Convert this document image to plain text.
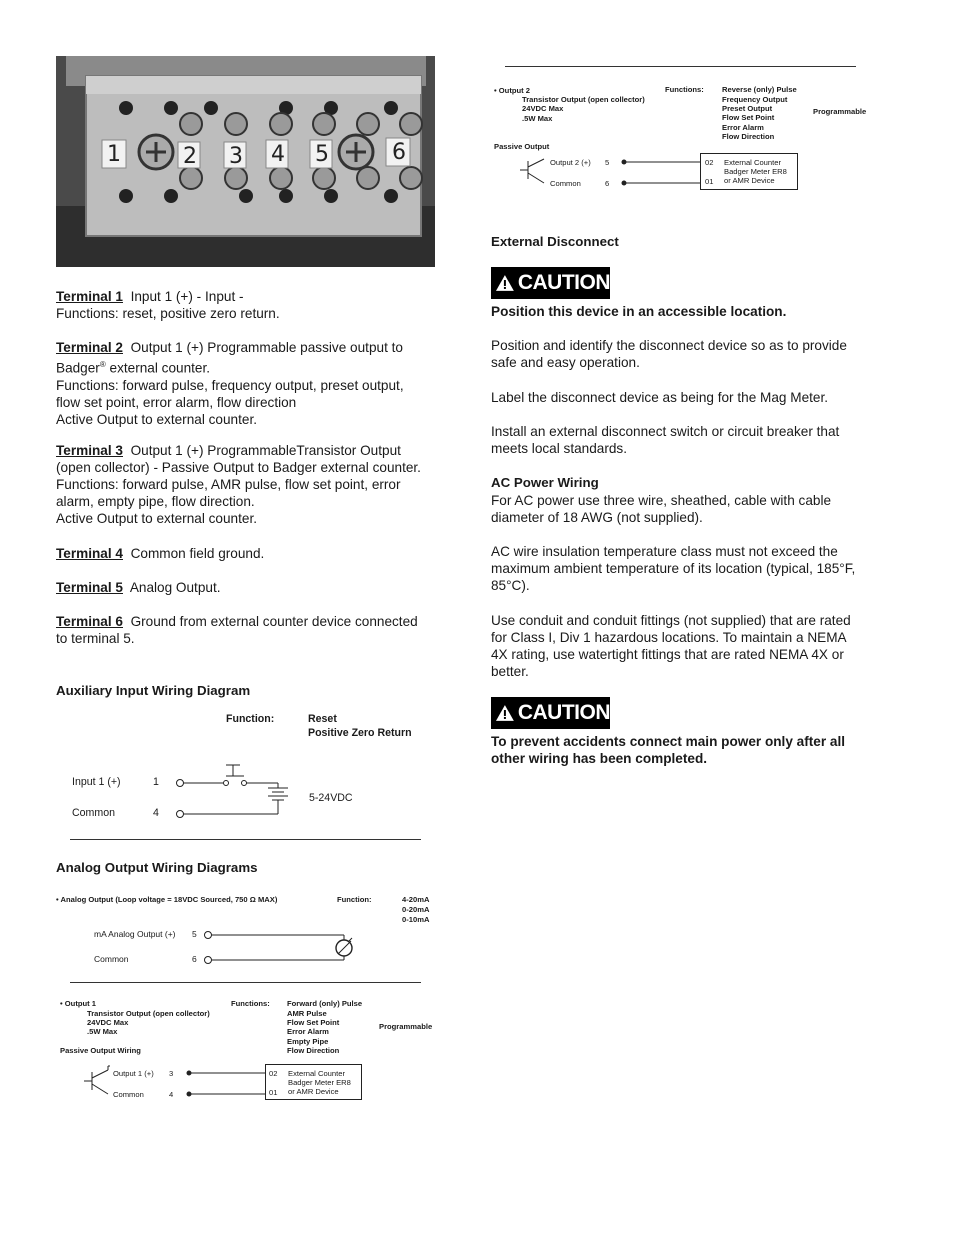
1	2 3 4 5	6
Terminal 1 Input 1 (+) - Input -
Functions: reset, positive zero return.
Terminal 2 Output 1 (+) Programmable passive output to
Badger® external counter.
Functions: forward pulse, frequency output, preset output,
flow set point, error alarm, flow direction
Active Output to external counter.
Terminal 3 Output 1 (+) ProgrammableTransistor Output
(open collector) - Passive Output to Badger external counter.
Functions: forward pulse, AMR pulse, flow set point, error
alarm, empty pipe, flow direction.
Active Output to external counter.
Terminal 4 Common field ground.
Terminal 5 Analog Output.
Terminal 6 Ground from external counter device connected
to terminal 5.
Auxiliary Input Wiring Diagram
Function:	Reset
Positive Zero Return
Input 1 (+)	1
Common	4
5-24VDC
Analog Output Wiring Diagrams
• Analog Output (Loop voltage = 18VDC Sourced, 750 Ω MAX)	Function:	4-20mA
0-20mA
0-10mA
mA Analog Output (+) 5
Common	6
• Output 1
Transistor Output (open collector)
24VDC Max
.5W Max
Passive Output Wiring
Functions: Forward (only) Pulse
AMR Pulse
Flow Set Point
Error Alarm
Empty Pipe
Flow Direction
Programmable
Output 1 (+) 3
Common	4
02
01
External Counter
Badger Meter ER8
or AMR Device
• Output 2
Transistor Output (open collector)
24VDC Max
.5W Max
Passive Output
Functions: Reverse (only) Pulse
Frequency Output
Preset Output
Flow Set Point
Error Alarm
Flow Direction
Programmable
Output 2 (+) 5
Common	6
02
01
External Counter
Badger Meter ER8
or AMR Device
External Disconnect
CAUTION
Position this device in an accessible location.
Position and identify the disconnect device so as to provide
safe and easy operation.
Label the disconnect device as being for the Mag Meter.
Install an external disconnect switch or circuit breaker that
meets local standards.
AC Power Wiring
For AC power use three wire, sheathed, cable with cable
diameter of 18 AWG (not supplied).
AC wire insulation temperature class must not exceed the
maximum ambient temperature of its location (typical, 185°F,
85°C).
Use conduit and conduit fittings (not supplied) that are rated
for Class I, Div 1 hazardous locations. To maintain a NEMA
4X rating, use watertight fittings that are rated NEMA 4X or
better.
CAUTION
To prevent accidents connect main power only after all
other wiring has been completed.
